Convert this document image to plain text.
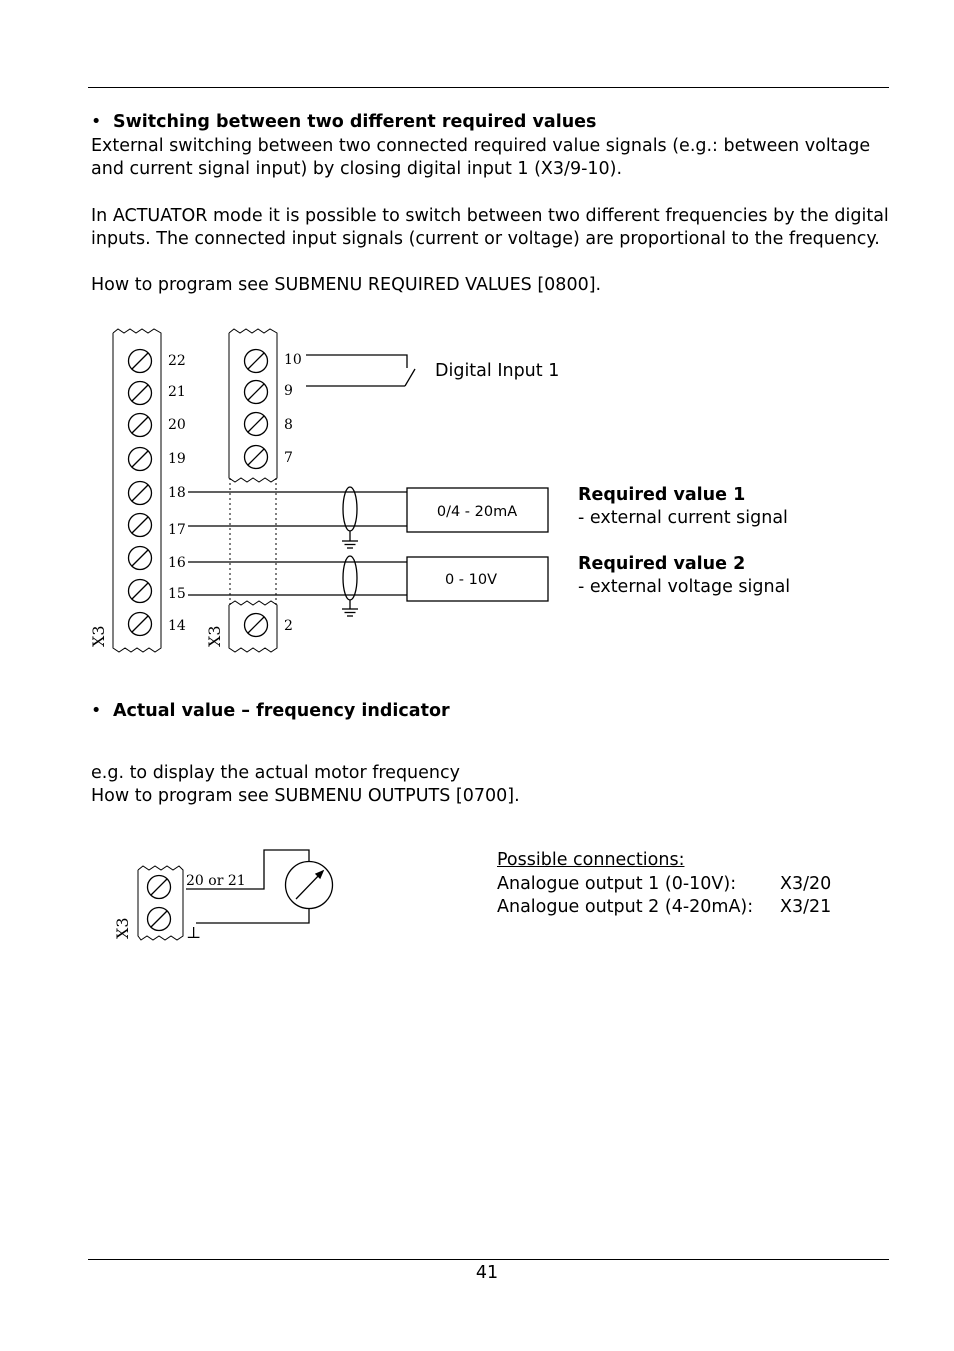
• Switching between two different required values
External switching between two connected required value signals (e.g.: between voltage
and current signal input) by closing digital input 1 (X3/9-10).
In ACTUATOR mode it is possible to switch between two different frequencies by the digital
inputs. The connected input signals (current or voltage) are proportional to the frequency.
How to program see SUBMENU REQUIRED VALUES [0800].
22
21
20
19
18
17
16
15
14
10
9
8
7
2
X3	X3
0/4 - 20mA
0 - 10V
20 or 21
⊥
X3
Digital Input 1
Required value 1
- external current signal
Required value 2
- external voltage signal
• Actual value – frequency indicator
e.g. to display the actual motor frequency
How to program see SUBMENU OUTPUTS [0700].
Possible connections:
Analogue output 1 (0-10V):	X3/20
Analogue output 2 (4-20mA): X3/21
41
